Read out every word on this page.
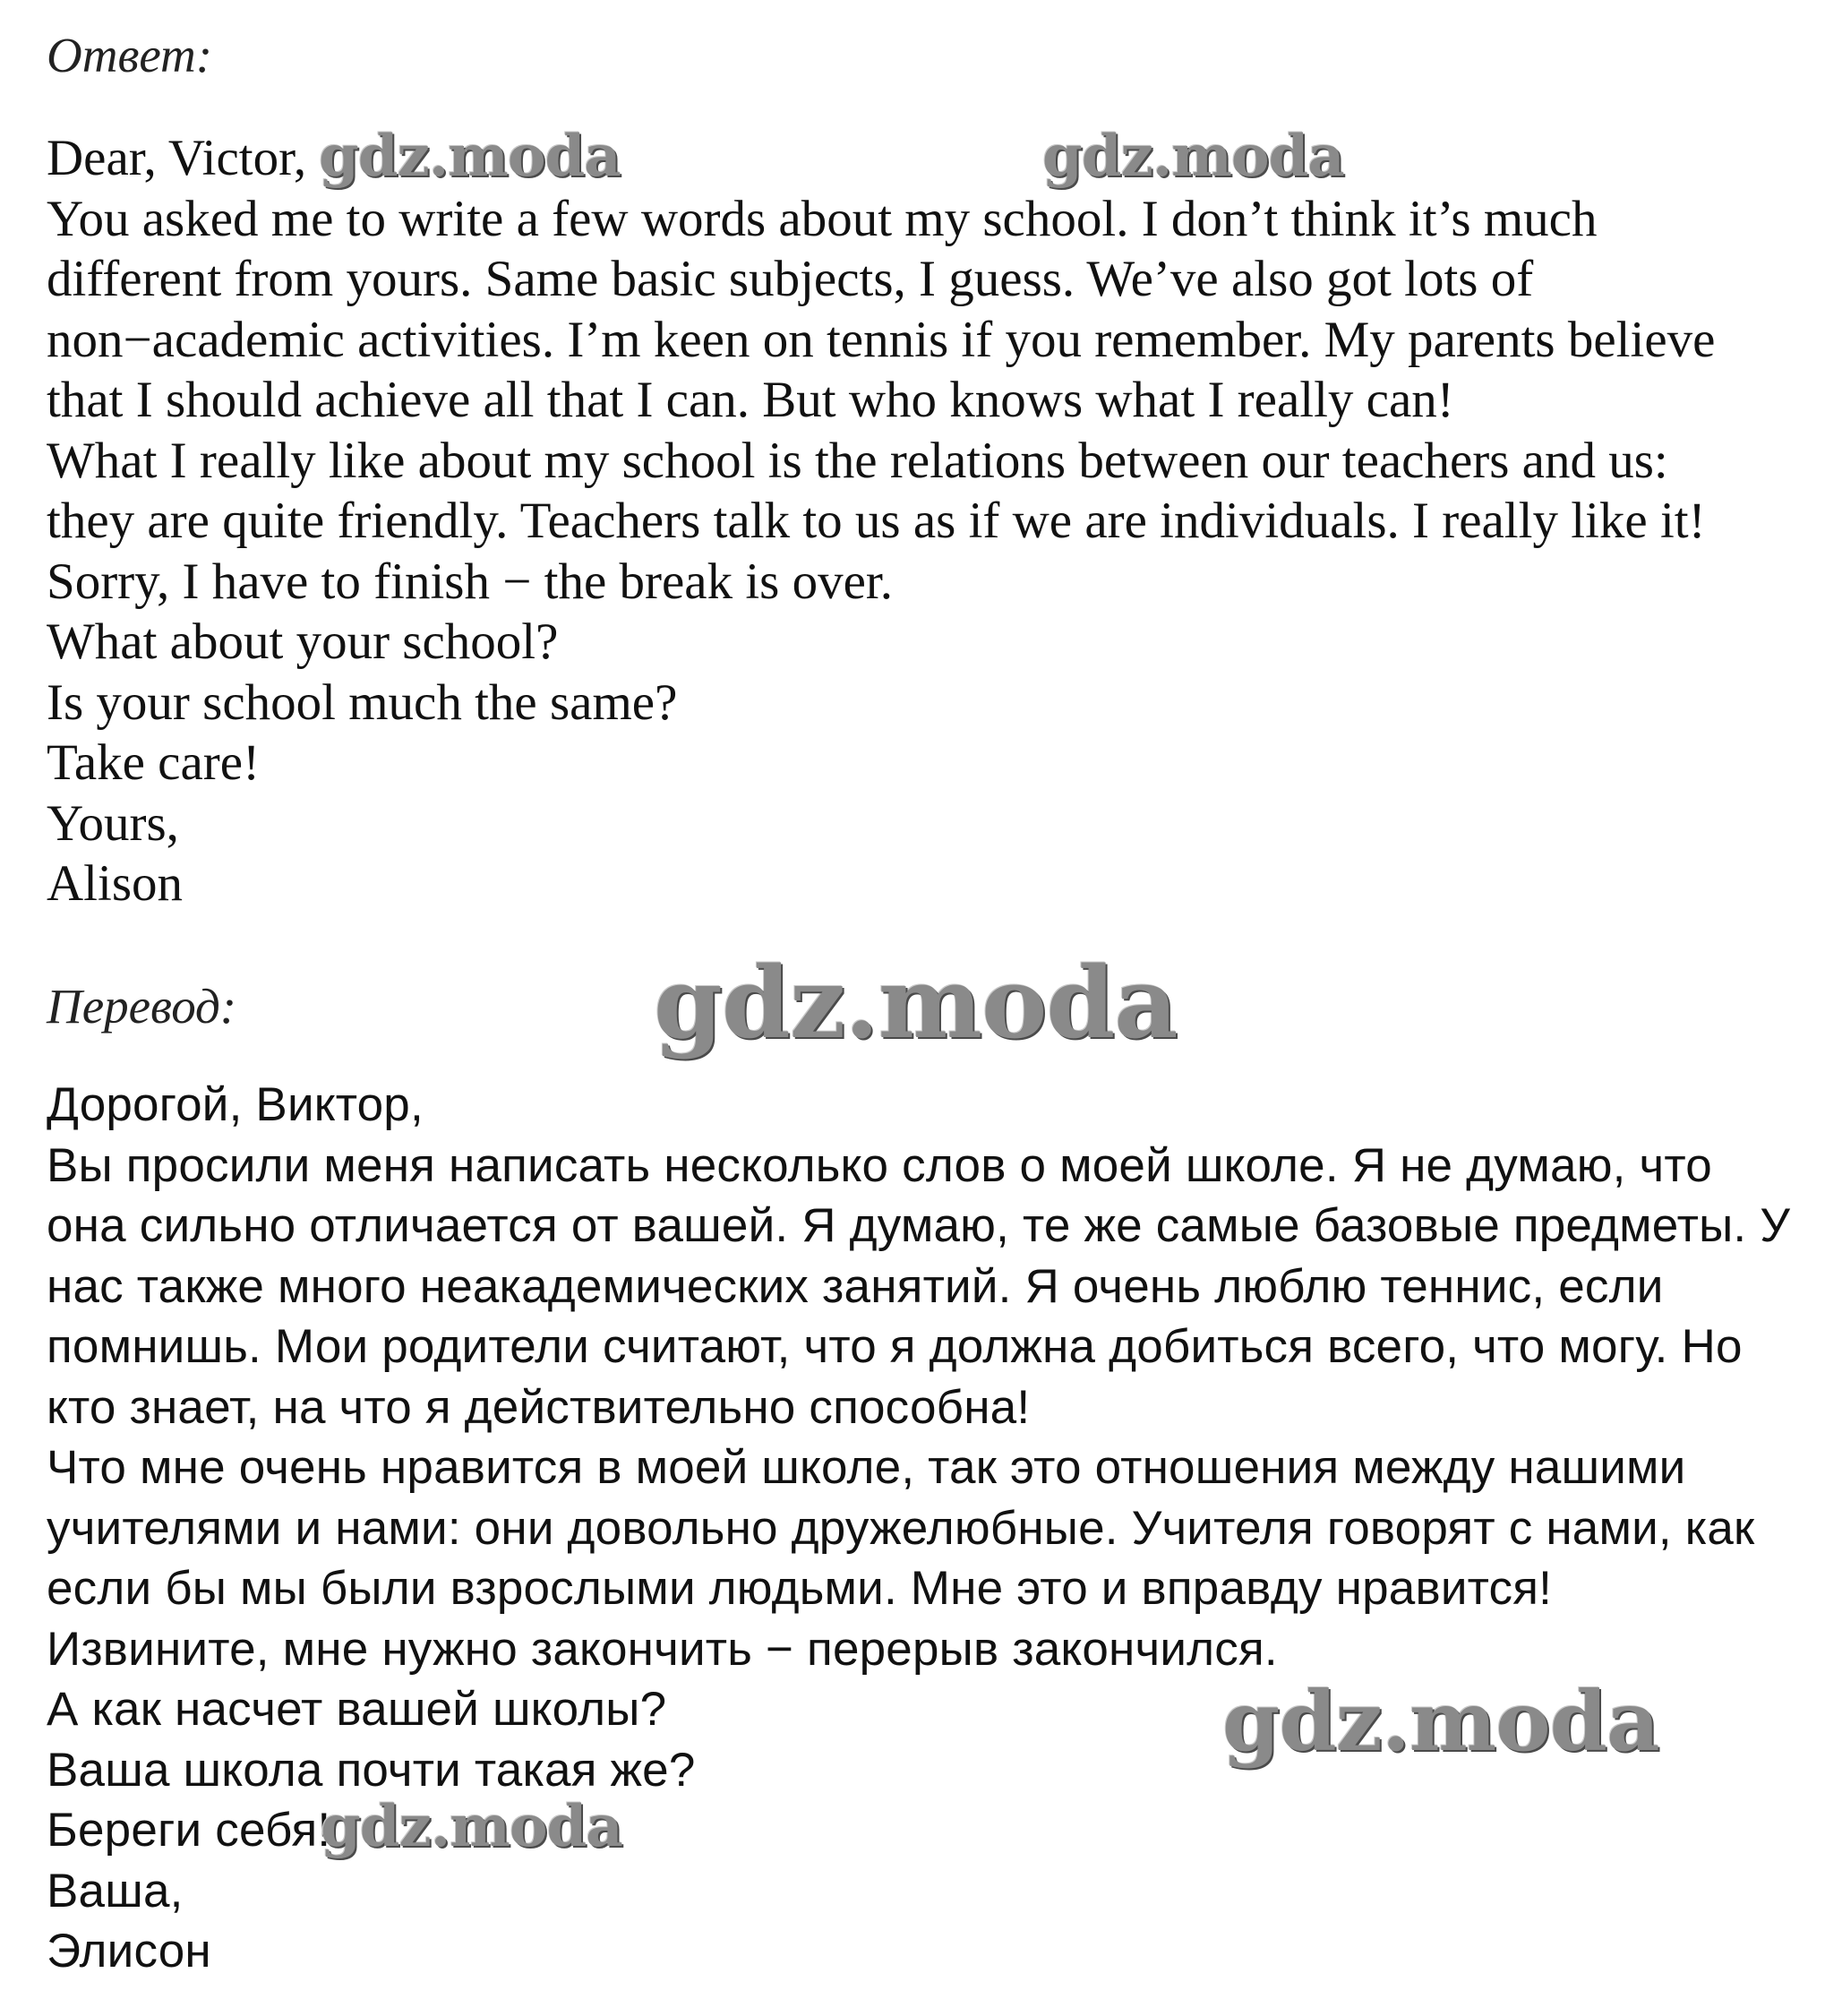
Ответ:
Dear, Victor,
You asked me to write a few words about my school. I don’t think it’s much
different from yours. Same basic subjects, I guess. We’ve also got lots of
non−academic activities. I’m keen on tennis if you remember. My parents believe
that I should achieve all that I can. But who knows what I really can!
What I really like about my school is the relations between our teachers and us:
they are quite friendly. Teachers talk to us as if we are individuals. I really like it!
Sorry, I have to finish − the break is over.
What about your school?
Is your school much the same?
Take care!
Yours,
Alison
Перевод:
Дорогой, Виктор,
Вы просили меня написать несколько слов о моей школе. Я не думаю, что
она сильно отличается от вашей. Я думаю, те же самые базовые предметы. У
нас также много неакадемических занятий. Я очень люблю теннис, если
помнишь. Мои родители считают, что я должна добиться всего, что могу. Но
кто знает, на что я действительно способна!
Что мне очень нравится в моей школе, так это отношения между нашими
учителями и нами: они довольно дружелюбные. Учителя говорят с нами, как
если бы мы были взрослыми людьми. Мне это и вправду нравится!
Извините, мне нужно закончить − перерыв закончился.
А как насчет вашей школы?
Ваша школа почти такая же?
Береги себя!
Ваша,
Элисон
gdz.moda	gdz.moda
gdz.moda
gdz.moda
gdz.moda
